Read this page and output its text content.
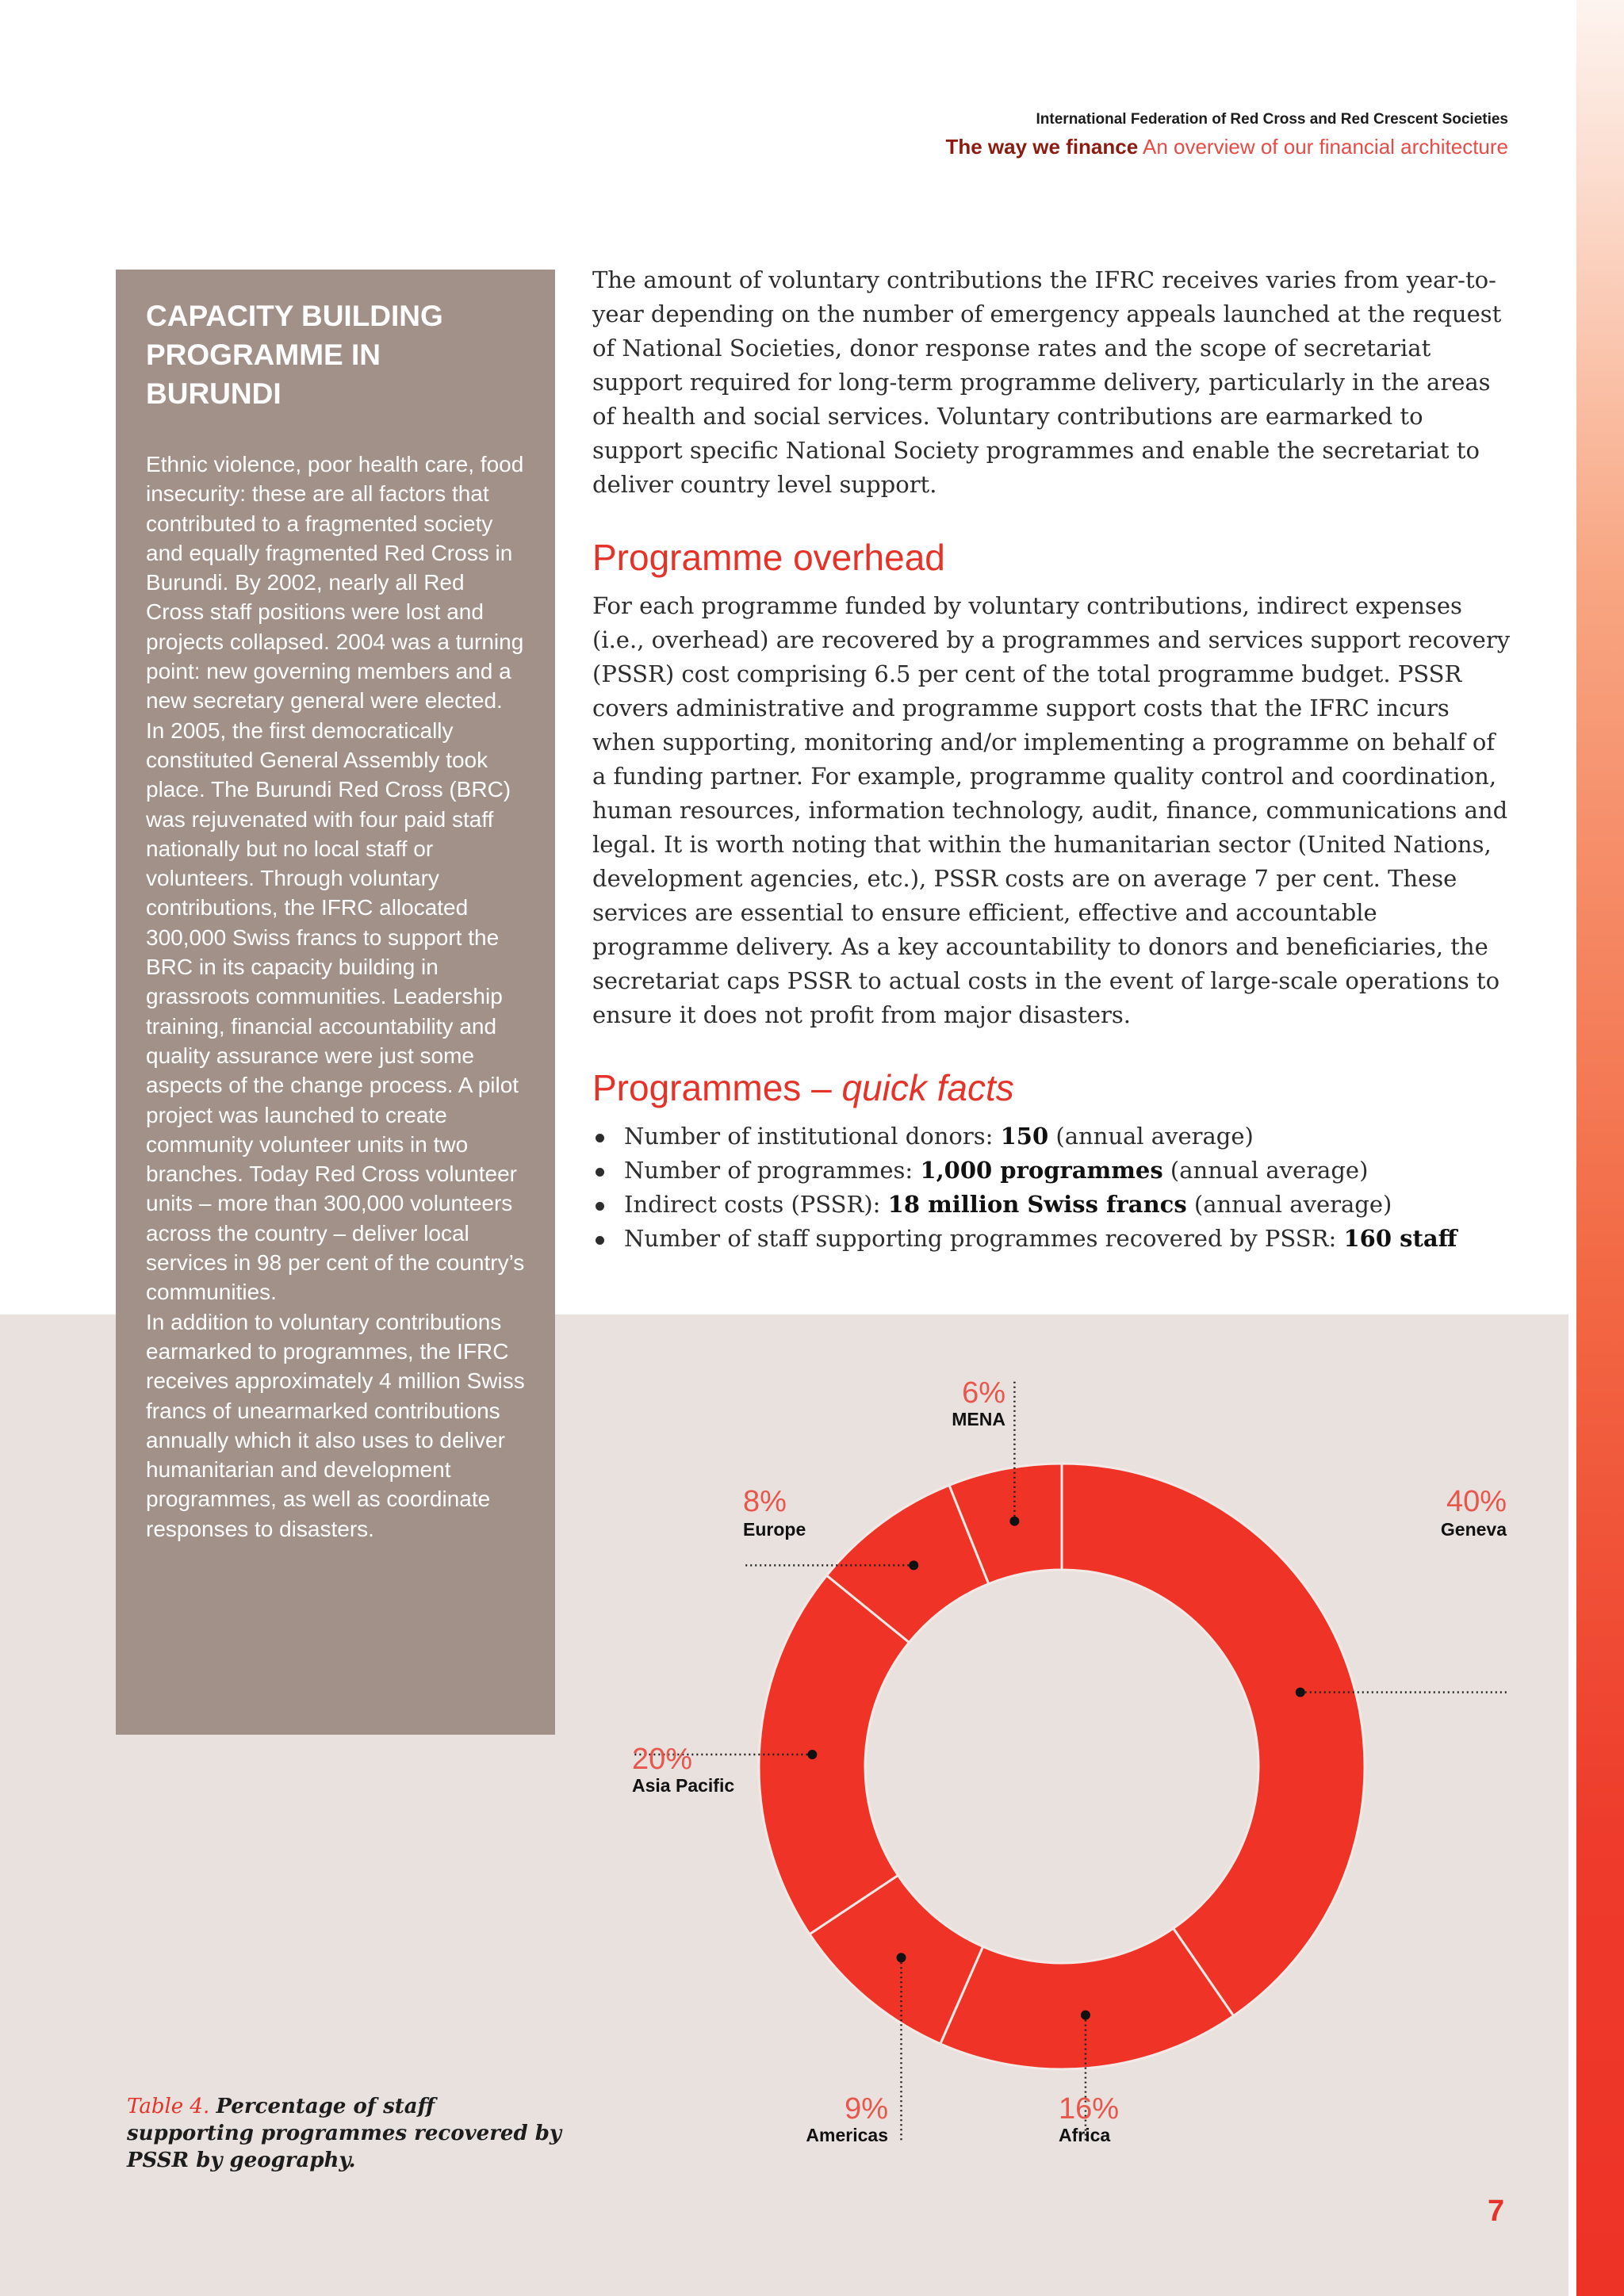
International Federation of Red Cross and Red Crescent Societies
The way we finance An overview of our financial architecture
CAPACITY BUILDING PROGRAMME IN BURUNDI

Ethnic violence, poor health care, food insecurity: these are all factors that contributed to a fragmented society and equally fragmented Red Cross in Burundi. By 2002, nearly all Red Cross staff positions were lost and projects collapsed. 2004 was a turning point: new governing members and a new secretary general were elected. In 2005, the first democratically constituted General Assembly took place. The Burundi Red Cross (BRC) was rejuvenated with four paid staff nationally but no local staff or volunteers. Through voluntary contributions, the IFRC allocated 300,000 Swiss francs to support the BRC in its capacity building in grassroots communities. Leadership training, financial accountability and quality assurance were just some aspects of the change process. A pilot project was launched to create community volunteer units in two branches. Today Red Cross volunteer units – more than 300,000 volunteers across the country – deliver local services in 98 per cent of the country’s communities.

In addition to voluntary contributions earmarked to programmes, the IFRC receives approximately 4 million Swiss francs of unearmarked contributions annually which it also uses to deliver humanitarian and development programmes, as well as coordinate responses to disasters.

The amount of voluntary contributions the IFRC receives varies from year-to-year depending on the number of emergency appeals launched at the request of National Societies, donor response rates and the scope of secretariat support required for long-term programme delivery, particularly in the areas of health and social services. Voluntary contributions are earmarked to support specific National Society programmes and enable the secretariat to deliver country level support.

Programme overhead

For each programme funded by voluntary contributions, indirect expenses (i.e., overhead) are recovered by a programmes and services support recovery (PSSR) cost comprising 6.5 per cent of the total programme budget. PSSR covers administrative and programme support costs that the IFRC incurs when supporting, monitoring and/or implementing a programme on behalf of a funding partner. For example, programme quality control and coordination, human resources, information technology, audit, finance, communications and legal. It is worth noting that within the humanitarian sector (United Nations, development agencies, etc.), PSSR costs are on average 7 per cent. These services are essential to ensure efficient, effective and accountable programme delivery. As a key accountability to donors and beneficiaries, the secretariat caps PSSR to actual costs in the event of large-scale operations to ensure it does not profit from major disasters.

Programmes – quick facts
Number of institutional donors: 150 (annual average)
Number of programmes: 1,000 programmes (annual average)
Indirect costs (PSSR): 18 million Swiss francs (annual average)
Number of staff supporting programmes recovered by PSSR: 160 staff
40%
Geneva
16%
Africa
9%
Americas
20%
Asia Pacific
8%
Europe
6%
MENA
Table 4. Percentage of staff supporting programmes recovered by PSSR by geography.
7
